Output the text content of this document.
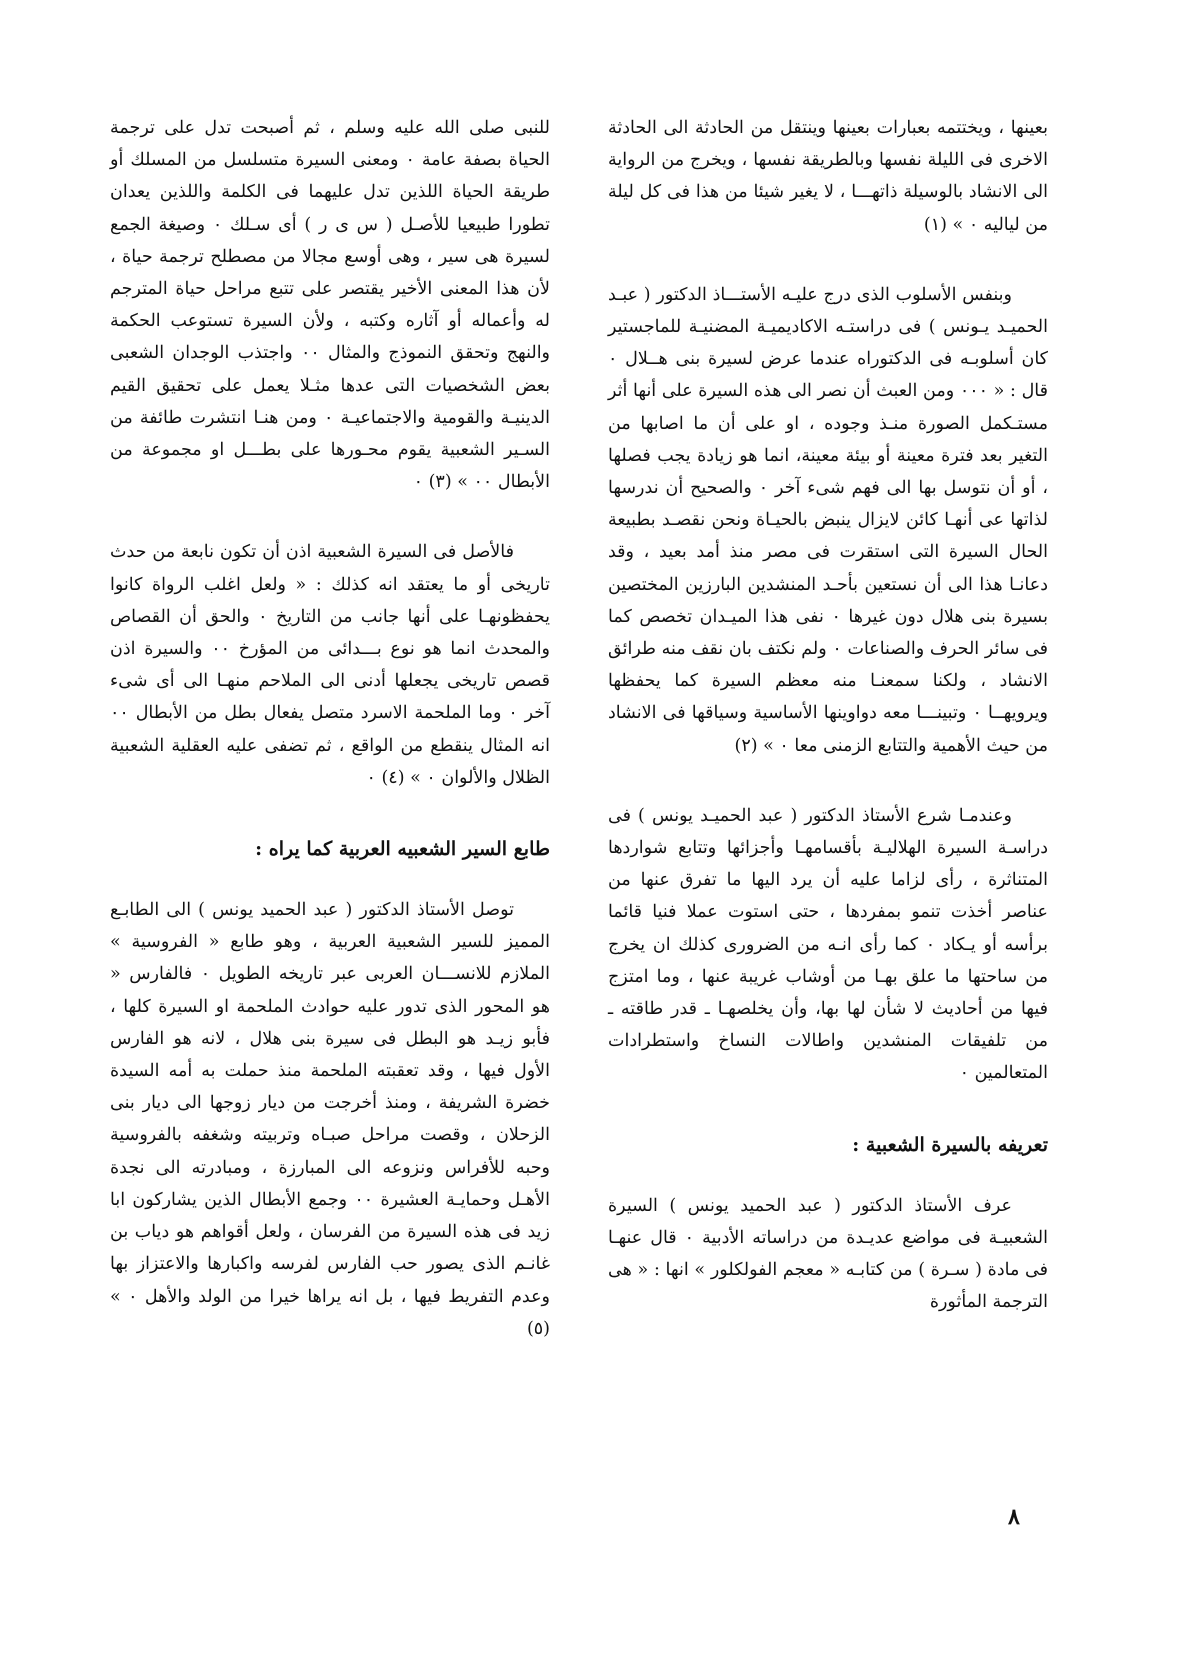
بعينها ، ويختتمه بعبارات بعينها وينتقل من الحادثة الى الحادثة الاخرى فى الليلة نفسها وبالطريقة نفسها ، ويخرج من الرواية الى الانشاد بالوسيلة ذاتهـــا ، لا يغير شيئا من هذا فى كل ليلة من لياليه ٠ » (١)

وبنفس الأسلوب الذى درج عليـه الأستـــاذ الدكتور ( عبـد الحميـد يـونس ) فى دراستـه الاكاديميـة المضنيـة للماجستير كان أسلوبـه فى الدكتوراه عندما عرض لسيرة بنى هــلال ٠ قال : « ٠٠٠ ومن العبث أن نصر الى هذه السيرة على أنها أثر مستـكمل الصورة منـذ وجوده ، او على أن ما اصابها من التغير بعد فترة معينة أو بيئة معينة، انما هو زيادة يجب فصلها ، أو أن نتوسل بها الى فهم شىء آخر ٠ والصحيح أن ندرسها لذاتها عى أنهـا كائن لايزال ينبض بالحيـاة ونحن نقصـد بطبيعة الحال السيرة التى استقرت فى مصر منذ أمد بعيد ، وقد دعانـا هذا الى أن نستعين بأحـد المنشدين البارزين المختصين بسيرة بنى هلال دون غيرها ٠ نفى هذا الميـدان تخصص كما فى سائر الحرف والصناعات ٠ ولم نكتف بان نقف منه طرائق الانشاد ، ولكنا سمعنـا منه معظم السيرة كما يحفظها ويرويهــا ٠ وتبينـــا معه دواوينها الأساسية وسياقها فى الانشاد من حيث الأهمية والتتابع الزمنى معا ٠ » (٢)

وعندمـا شرع الأستاذ الدكتور ( عبد الحميـد يونس ) فى دراسـة السيرة الهلاليـة بأقسامهـا وأجزائها وتتابع شواردها المتناثرة ، رأى لزاما عليه أن يرد اليها ما تفرق عنها من عناصر أخذت تنمو بمفردها ، حتى استوت عملا فنيا قائما برأسه أو يـكاد ٠ كما رأى انـه من الضرورى كذلك ان يخرج من ساحتها ما علق بهـا من أوشاب غريبة عنها ، وما امتزج فيها من أحاديث لا شأن لها بها، وأن يخلصهـا ـ قدر طاقته ـ من تلفيقات المنشدين واطالات النساخ واستطرادات المتعالمين ٠

تعريفه بالسيرة الشعبية :

عرف الأستاذ الدكتور ( عبد الحميد يونس ) السيرة الشعبيـة فى مواضع عديـدة من دراساته الأدبية ٠ قال عنهـا فى مادة ( سـرة ) من كتابـه « معجم الفولكلور » انها : « هى الترجمة المأثورة

للنبى صلى الله عليه وسلم ، ثم أصبحت تدل على ترجمة الحياة بصفة عامة ٠ ومعنى السيرة متسلسل من المسلك أو طريقة الحياة اللذين تدل عليهما فى الكلمة واللذين يعدان تطورا طبيعيا للأصـل ( س ى ر ) أى سـلك ٠ وصيغة الجمع لسيرة هى سير ، وهى أوسع مجالا من مصطلح ترجمة حياة ، لأن هذا المعنى الأخير يقتصر على تتبع مراحل حياة المترجم له وأعماله أو آثاره وكتبه ، ولأن السيرة تستوعب الحكمة والنهج وتحقق النموذج والمثال ٠٠ واجتذب الوجدان الشعبى بعض الشخصيات التى عدها مثـلا يعمل على تحقيق القيم الدينيـة والقومية والاجتماعيـة ٠ ومن هنـا انتشرت طائفة من السـير الشعبية يقوم محـورها على بطـــل او مجموعة من الأبطال ٠٠ » (٣) ٠

فالأصل فى السيرة الشعبية اذن أن تكون نابعة من حدث تاريخى أو ما يعتقد انه كذلك : « ولعل اغلب الرواة كانوا يحفظونهـا على أنها جانب من التاريخ ٠ والحق أن القصاص والمحدث انما هو نوع بـــدائى من المؤرخ ٠٠ والسيرة اذن قصص تاريخى يجعلها أدنى الى الملاحم منهـا الى أى شىء آخر ٠ وما الملحمة الاسرد متصل يفعال بطل من الأبطال ٠٠ انه المثال ينقطع من الواقع ، ثم تضفى عليه العقلية الشعبية الظلال والألوان ٠ » (٤) ٠

طابع السير الشعبيه العربية كما يراه :

توصل الأستاذ الدكتور ( عبد الحميد يونس ) الى الطابـع المميز للسير الشعبية العربية ، وهو طابع « الفروسية » الملازم للانســـان العربى عبر تاريخه الطويل ٠ فالفارس « هو المحور الذى تدور عليه حوادث الملحمة او السيرة كلها ، فأبو زيـد هو البطل فى سيرة بنى هلال ، لانه هو الفارس الأول فيها ، وقد تعقبته الملحمة منذ حملت به أمه السيدة خضرة الشريفة ، ومنذ أخرجت من ديار زوجها الى ديار بنى الزحلان ، وقصت مراحل صبـاه وتربيته وشغفه بالفروسية وحبه للأفراس ونزوعه الى المبارزة ، ومبادرته الى نجدة الأهـل وحمايـة العشيرة ٠٠ وجمع الأبطال الذين يشاركون ابا زيد فى هذه السيرة من الفرسان ، ولعل أقواهم هو دياب بن غانـم الذى يصور حب الفارس لفرسه واكبارها والاعتزاز بها وعدم التفريط فيها ، بل انه يراها خيرا من الولد والأهل ٠ » (٥)

٨
